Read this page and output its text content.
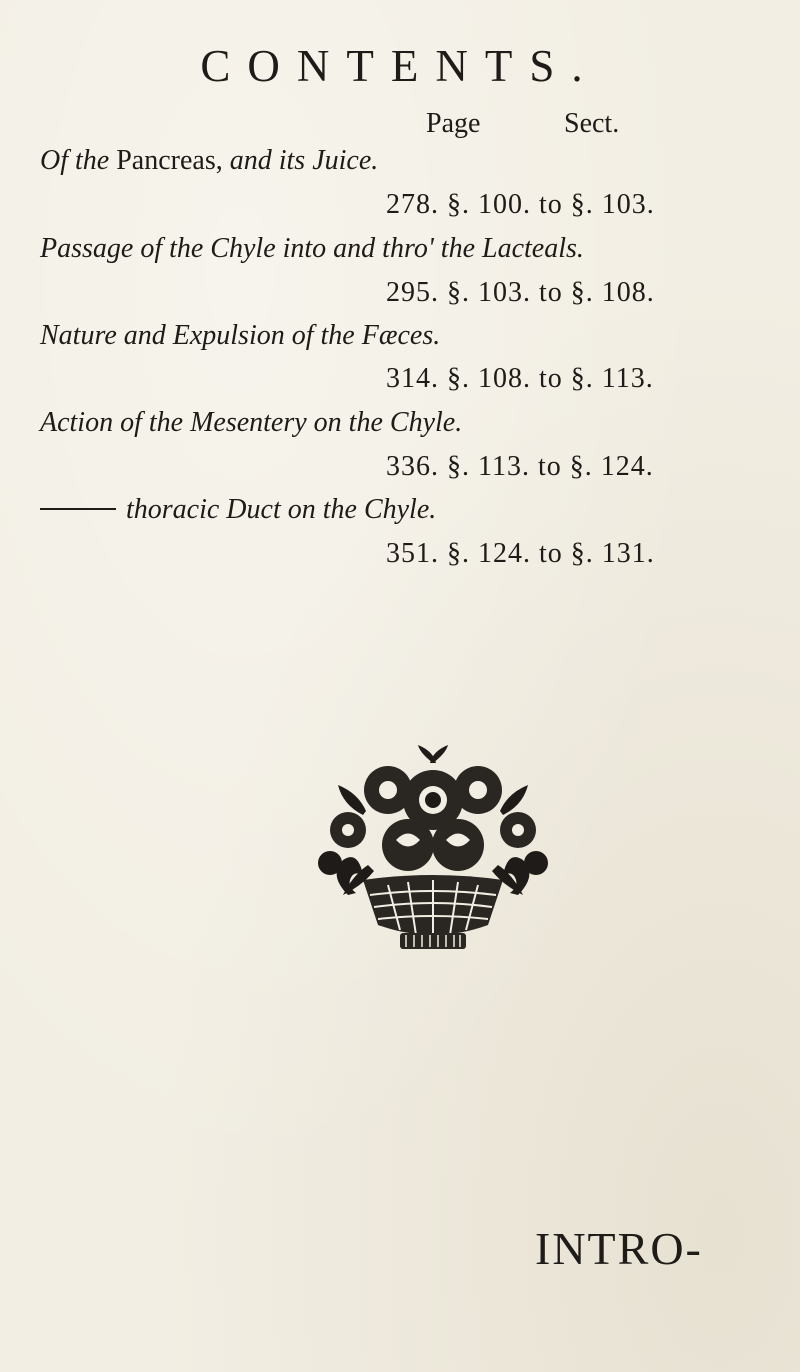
CONTENTS.
Page	Sect.
Of the Pancreas, and its Juice.
278. §. 100. to §. 103.
Passage of the Chyle into and thro' the Lacteals.
295. §. 103. to §. 108.
Nature and Expulsion of the Fæces.
314. §. 108. to §. 113.
Action of the Mesentery on the Chyle.
336. §. 113. to §. 124.
thoracic Duct on the Chyle.
351. §. 124. to §. 131.
INTRO-
